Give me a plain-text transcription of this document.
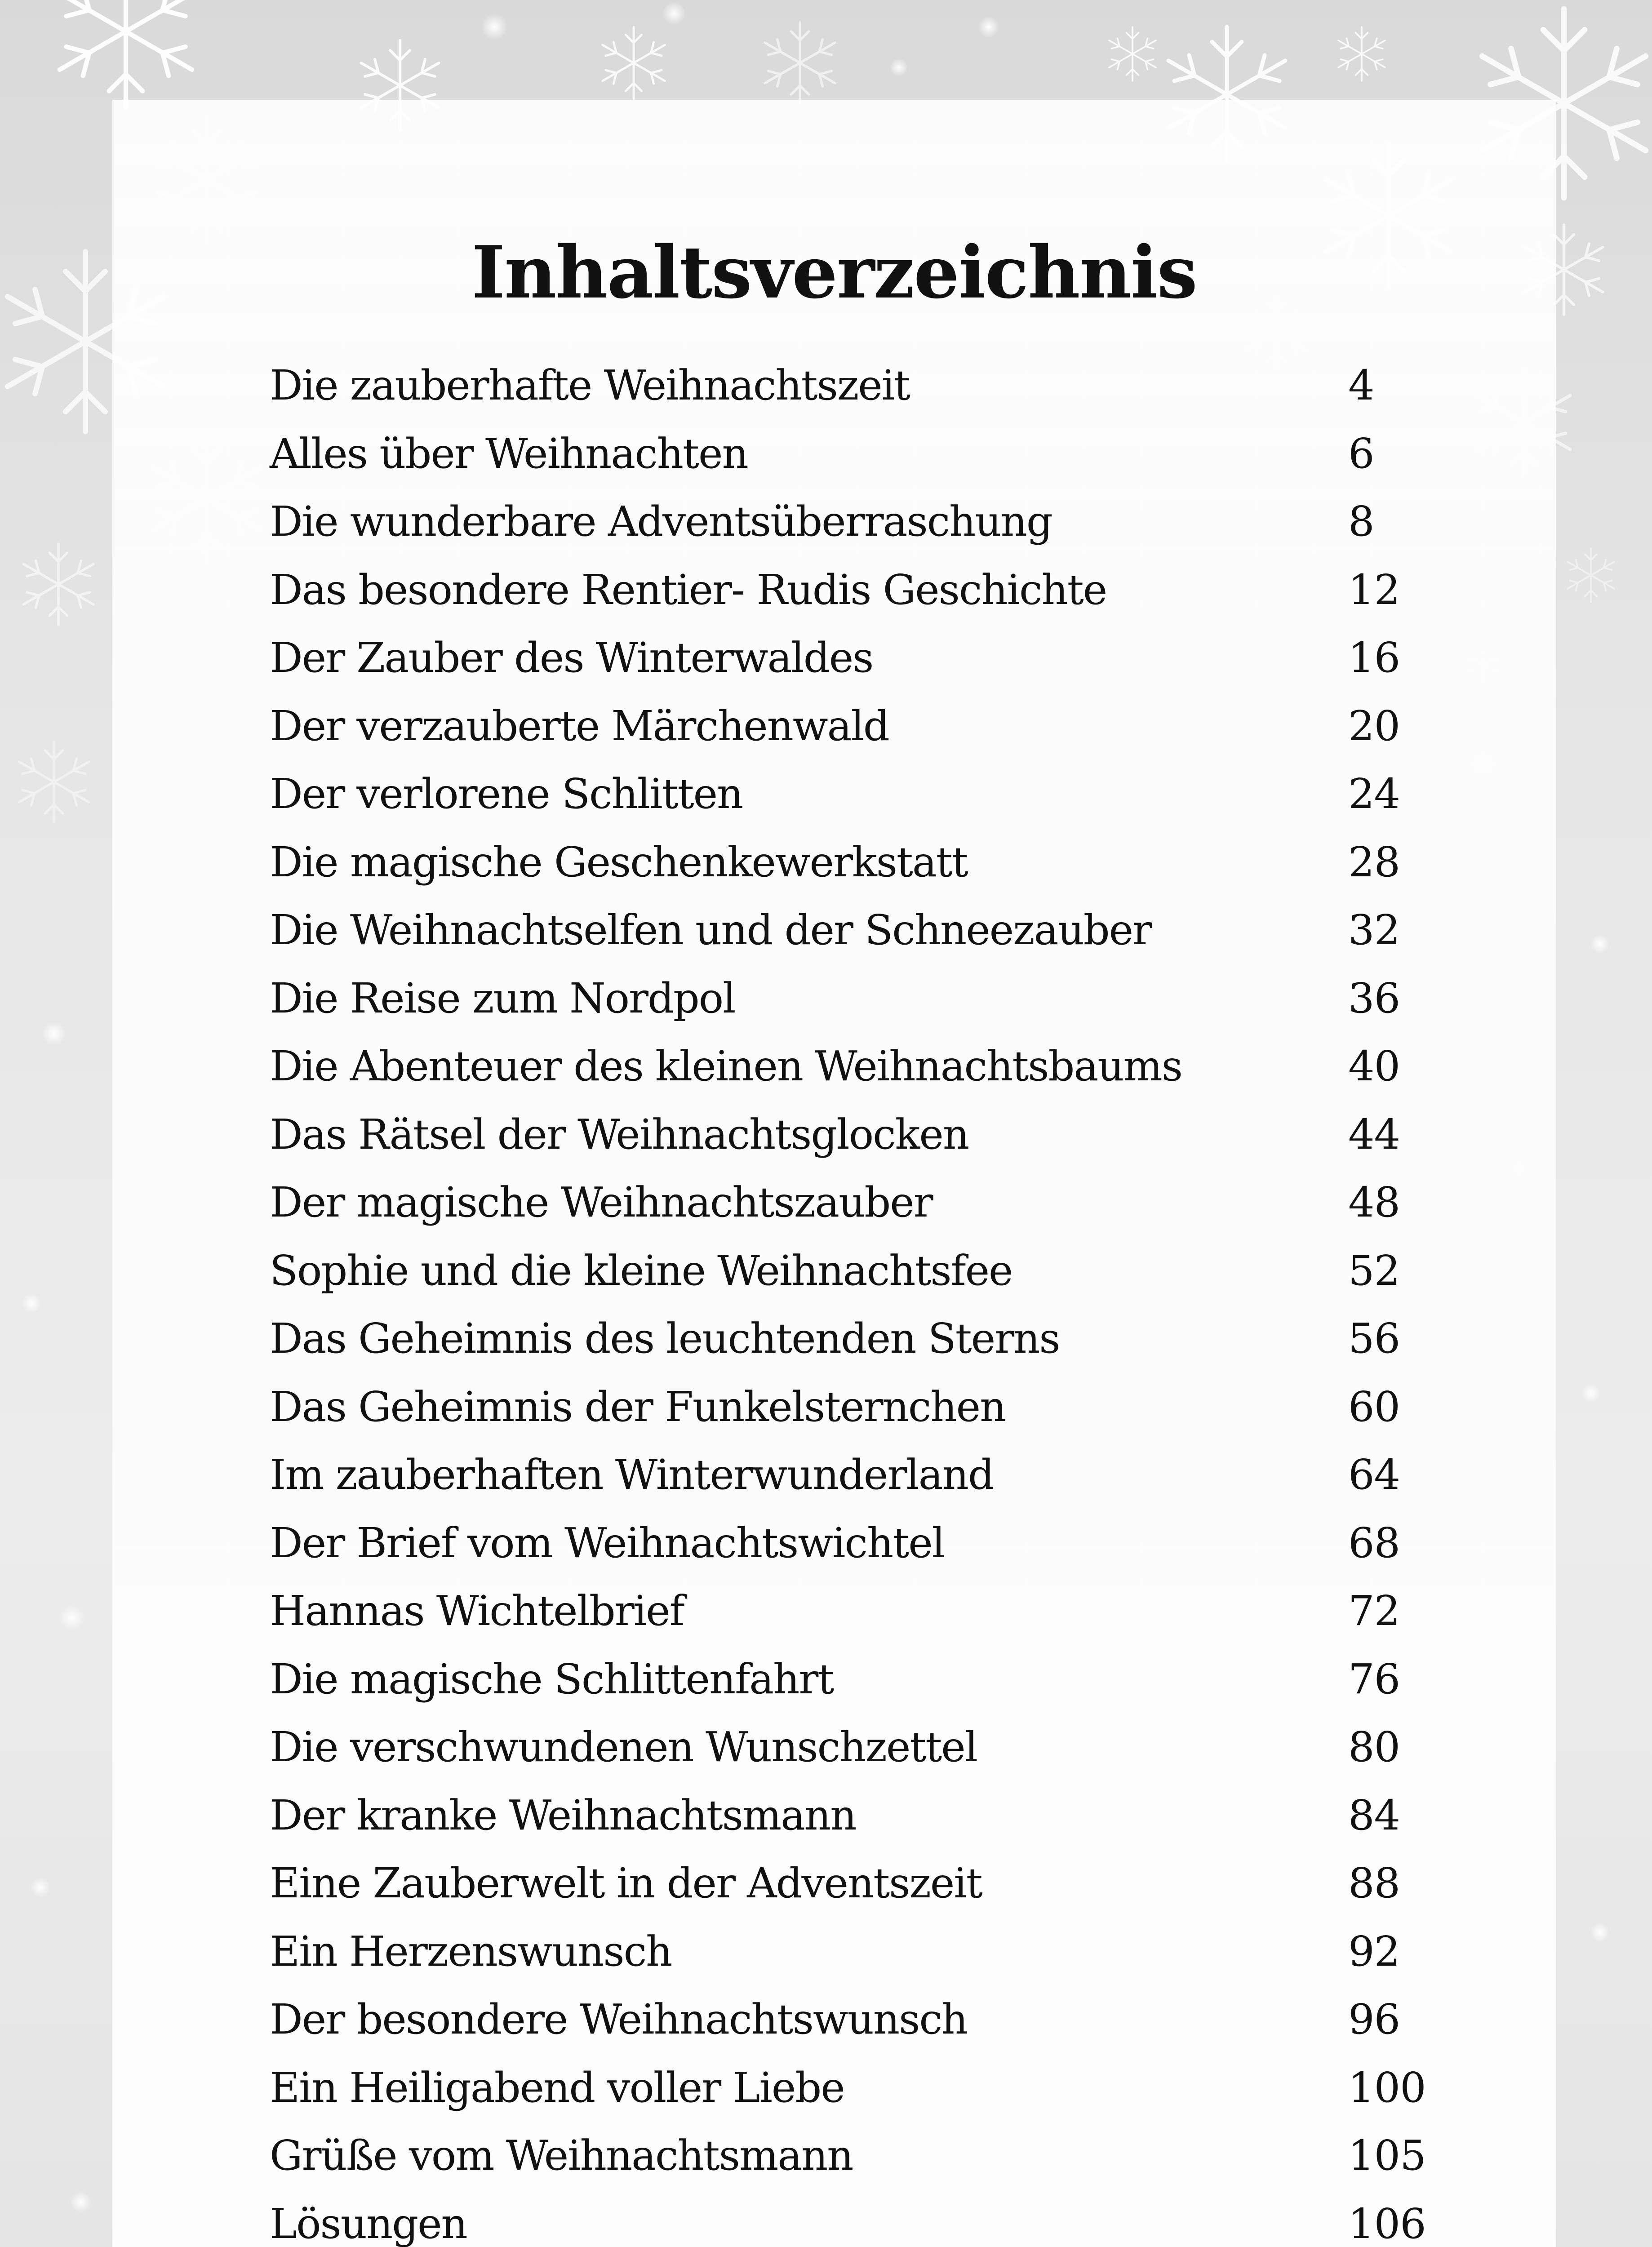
Inhaltsverzeichnis
Die zauberhafte Weihnachtszeit	4
Alles über Weihnachten	6
Die wunderbare Adventsüberraschung	8
Das besondere Rentier- Rudis Geschichte	12
Der Zauber des Winterwaldes	16
Der verzauberte Märchenwald	20
Der verlorene Schlitten	24
Die magische Geschenkewerkstatt	28
Die Weihnachtselfen und der Schneezauber	32
Die Reise zum Nordpol	36
Die Abenteuer des kleinen Weihnachtsbaums	40
Das Rätsel der Weihnachtsglocken	44
Der magische Weihnachtszauber	48
Sophie und die kleine Weihnachtsfee	52
Das Geheimnis des leuchtenden Sterns	56
Das Geheimnis der Funkelsternchen	60
Im zauberhaften Winterwunderland	64
Der Brief vom Weihnachtswichtel	68
Hannas Wichtelbrief	72
Die magische Schlittenfahrt	76
Die verschwundenen Wunschzettel	80
Der kranke Weihnachtsmann	84
Eine Zauberwelt in der Adventszeit	88
Ein Herzenswunsch	92
Der besondere Weihnachtswunsch	96
Ein Heiligabend voller Liebe	100
Grüße vom Weihnachtsmann	105
Lösungen	106
